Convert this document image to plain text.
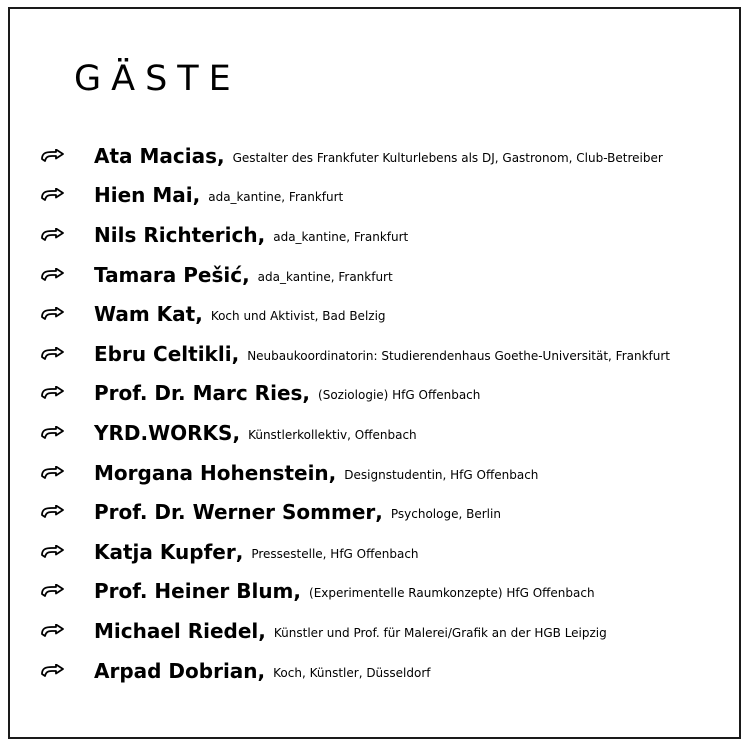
GÄSTE
Ata Macias , Gestalter des Frankfuter Kulturlebens als DJ, Gastronom, Club-Betreiber
Hien Mai , ada_kantine, Frankfurt
Nils Richterich , ada_kantine, Frankfurt
Tamara Pešić , ada_kantine, Frankfurt
Wam Kat , Koch und Aktivist, Bad Belzig
Ebru Celtikli , Neubaukoordinatorin: Studierendenhaus Goethe-Universität, Frankfurt
Prof. Dr. Marc Ries , (Soziologie) HfG Offenbach
YRD.WORKS , Künstlerkollektiv, Offenbach
Morgana Hohenstein , Designstudentin, HfG Offenbach
Prof. Dr. Werner Sommer , Psychologe, Berlin
Katja Kupfer , Pressestelle, HfG Offenbach
Prof. Heiner Blum , (Experimentelle Raumkonzepte) HfG Offenbach
Michael Riedel , Künstler und Prof. für Malerei/Grafik an der HGB Leipzig
Arpad Dobrian , Koch, Künstler, Düsseldorf
